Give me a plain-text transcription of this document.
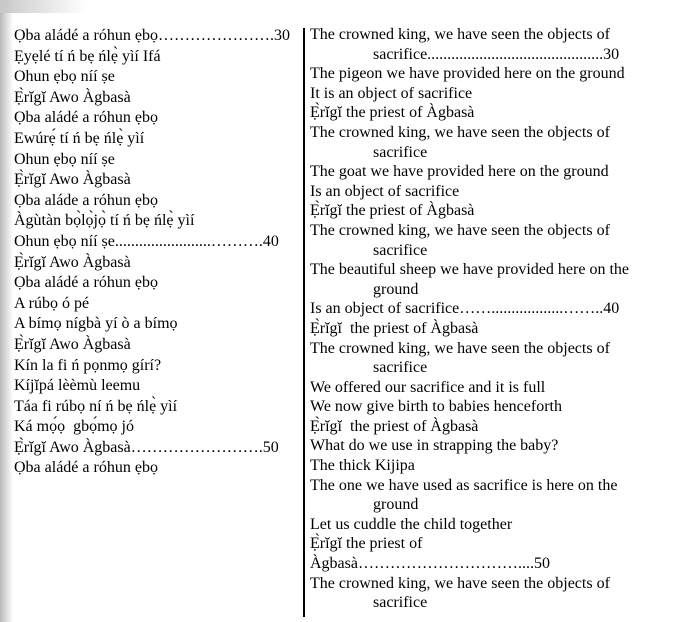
Ọba aládé a róhun ẹbọ………………….30
Ẹyẹlé tí ń bẹ ńlẹ̀ yìí Ifá
Ohun ẹbọ níí ṣe
Ẹ̀rĭgĭ Awo Àgbasà
Ọba aládé a róhun ẹbọ
Ewúrẹ́ tí ń bẹ ńlẹ̀ yìí
Ohun ẹbọ níí ṣe
Ẹ̀rĭgĭ Awo Àgbasà
Ọba aláde a róhun ẹbọ
Àgùtàn bọ̀lọ̀jọ̀ tí ń bẹ ńlẹ̀ yìí
Ohun ẹbọ níí ṣe........................……….40
Ẹ̀rĭgĭ Awo Àgbasà
Ọba aládé a róhun ẹbọ
A rúbọ ó pé
A bímọ nígbà yí ò a bímọ
Ẹ̀rĭgĭ Awo Àgbasà
Kín la fi ń pọnmọ gírí?
Kíjĭpá lèèmù leemu
Táa fi rúbọ ní ń bẹ ńlẹ̀ yìí
Ká mọ́ọ  gbọ́mọ jó
Ẹ̀rĭgĭ Awo Àgbasà…………………….50
Ọba aládé a róhun ẹbọ
The crowned king, we have seen the objects of
sacrifice............................................30
The pigeon we have provided here on the ground
It is an object of sacrifice
Ẹ̀rĭgĭ the priest of Àgbasà
The crowned king, we have seen the objects of
sacrifice
The goat we have provided here on the ground
Is an object of sacrifice
Ẹ̀rĭgĭ the priest of Àgbasà
The crowned king, we have seen the objects of
sacrifice
The beautiful sheep we have provided here on the
ground
Is an object of sacrifice……..................……..40
Ẹ̀rĭgĭ  the priest of Àgbasà
The crowned king, we have seen the objects of
sacrifice
We offered our sacrifice and it is full
We now give birth to babies henceforth
Ẹ̀rĭgĭ  the priest of Àgbasà
What do we use in strapping the baby?
The thick Kijipa
The one we have used as sacrifice is here on the
ground
Let us cuddle the child together
Ẹ̀rĭgĭ the priest of Àgbasà…………………………....50
The crowned king, we have seen the objects of
sacrifice
